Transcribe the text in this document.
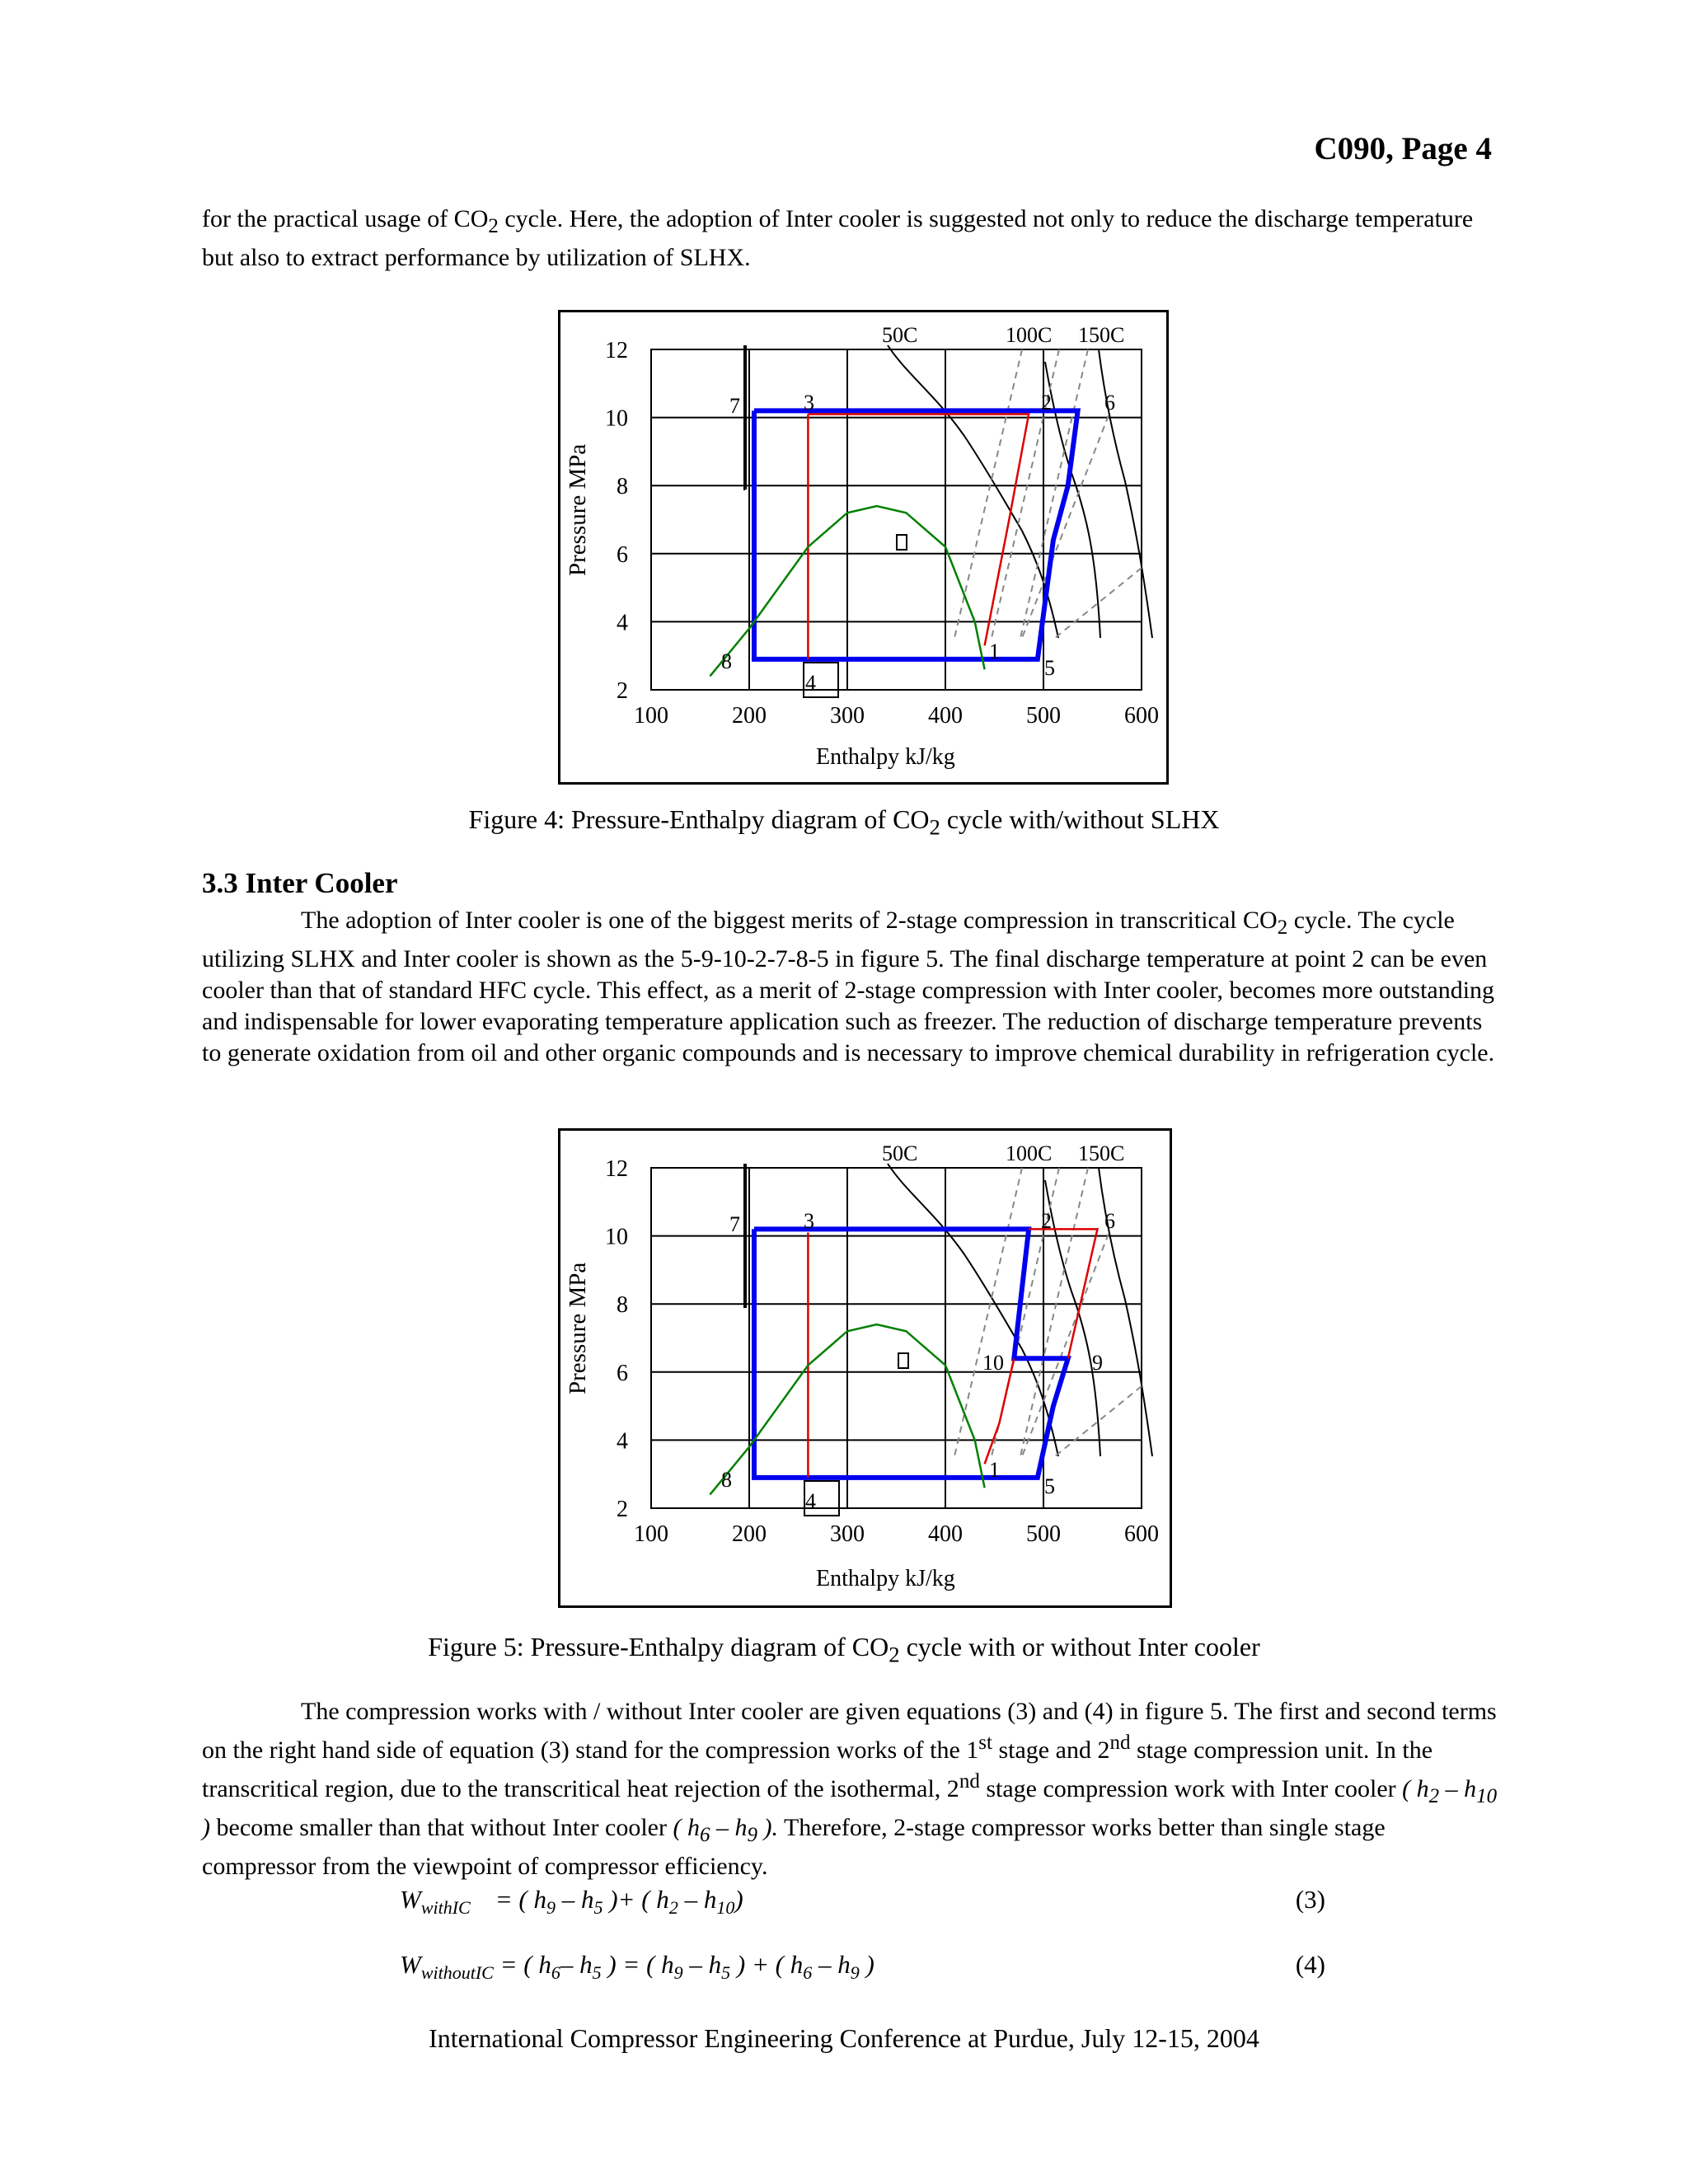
C090, Page 4

for the practical usage of $CO_2$ cycle. Here, the adoption of Inter cooler is suggested not only to reduce the discharge temperature but also to extract performance by utilization of SLHX.

100	200	300	400	500	600
2
4
6
8
10
12
50C	100C 150C
1
2
3
4
5
6
7
8
Pressure MPa
Enthalpy kJ/kg

Figure 4: Pressure-Enthalpy diagram of $CO_2$ cycle with/without SLHX

3.3 Inter Cooler

The adoption of Inter cooler is one of the biggest merits of 2-stage compression in transcritical $CO_2$ cycle. The cycle utilizing SLHX and Inter cooler is shown as the 5-9-10-2-7-8-5 in figure 5. The final discharge temperature at point 2 can be even cooler than that of standard HFC cycle. This effect, as a merit of 2-stage compression with Inter cooler, becomes more outstanding and indispensable for lower evaporating temperature application such as freezer. The reduction of discharge temperature prevents to generate oxidation from oil and other organic compounds and is necessary to improve chemical durability in refrigeration cycle.

100	200	300	400	500	600
2
4
6
8
10
12
50C	100C 150C
1
2
3
4
5
6
7
8
9
10
Pressure MPa
Enthalpy kJ/kg

Figure 5: Pressure-Enthalpy diagram of $CO_2$ cycle with or without Inter cooler

The compression works with / without Inter cooler are given equations (3) and (4) in figure 5. The first and second terms on the right hand side of equation (3) stand for the compression works of the 1st stage and 2nd stage compression unit. In the transcritical region, due to the transcritical heat rejection of the isothermal, 2nd stage compression work with Inter cooler ( $h_2 - h_{10}$ ) become smaller than that without Inter cooler ( $h_6 - h_9$ ). Therefore, 2-stage compressor works better than single stage compressor from the viewpoint of compressor efficiency.

$W_{withIC}$ = ( $h_9 - h_5$ )+ ( $h_2 - h_{10}$)	(3)
$W_{withoutIC}$ = ( $h_6-$ $h_5$ ) = ( $h_9 - h_5$ ) + ( $h_6 - h_9$ )	(4)
International Compressor Engineering Conference at Purdue, July 12-15, 2004
